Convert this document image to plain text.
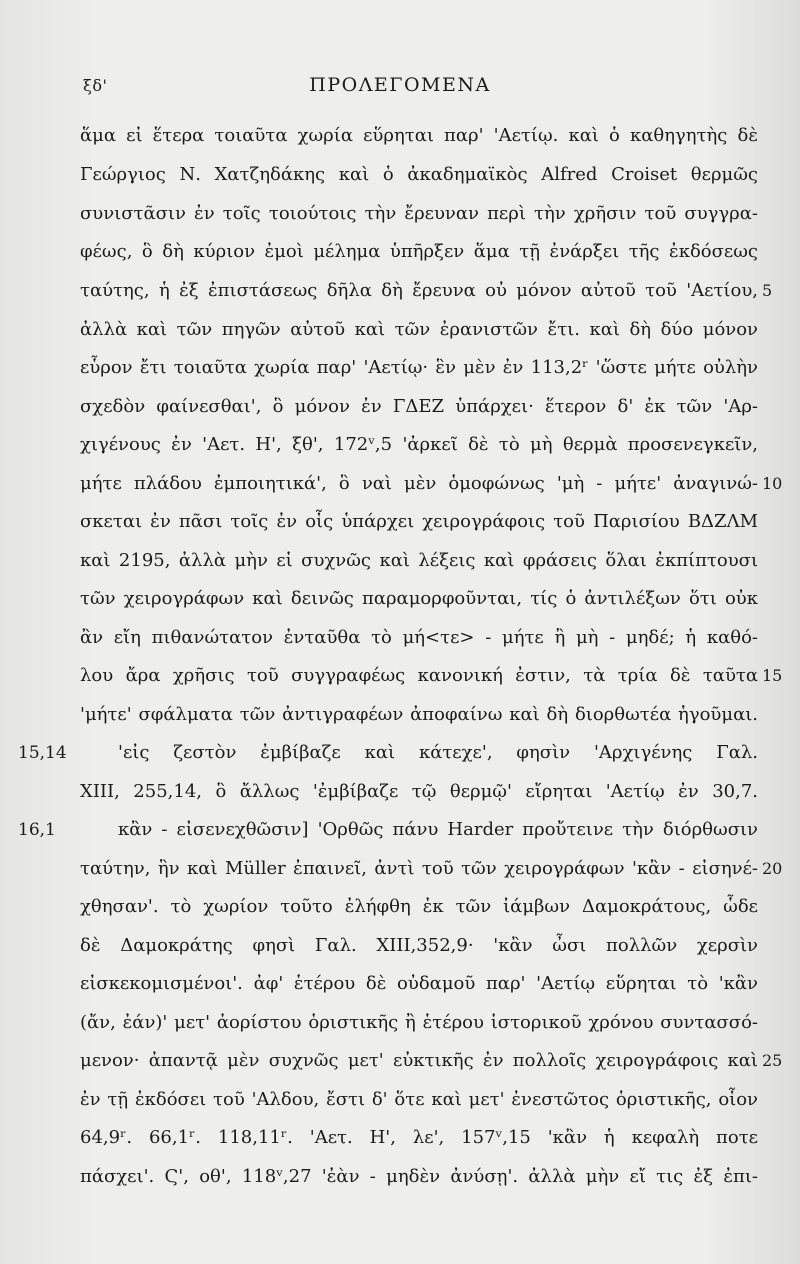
ξδ'	ΠΡΟΛΕΓΟΜΕΝΑ
ἅμα εἰ ἕτερα τοιαῦτα χωρία εὕρηται παρ' 'Αετίῳ. καὶ ὁ καθηγητὴς δὲ
Γεώργιος Ν. Χατζηδάκης καὶ ὁ ἀκαδημαϊκὸς Alfred Croiset θερμῶς
συνιστᾶσιν ἐν τοῖς τοιούτοις τὴν ἔρευναν περὶ τὴν χρῆσιν τοῦ συγγρα-
φέως, ὃ δὴ κύριον ἐμοὶ μέλημα ὑπῆρξεν ἅμα τῇ ἐνάρξει τῆς ἐκδόσεως
ταύτης, ἡ ἐξ ἐπιστάσεως δῆλα δὴ ἔρευνα οὐ μόνον αὐτοῦ τοῦ 'Αετίου,
ἀλλὰ καὶ τῶν πηγῶν αὐτοῦ καὶ τῶν ἐρανιστῶν ἔτι. καὶ δὴ δύο μόνον
εὗρον ἔτι τοιαῦτα χωρία παρ' 'Αετίῳ· ἓν μὲν ἐν 113,2ʳ 'ὥστε μήτε οὐλὴν
σχεδὸν φαίνεσθαι', ὃ μόνον ἐν ΓΔΕΖ ὑπάρχει· ἕτερον δ' ἐκ τῶν 'Αρ-
χιγένους ἐν 'Αετ. Η', ξθ', 172ᵛ,5 'ἀρκεῖ δὲ τὸ μὴ θερμὰ προσενεγκεῖν,
μήτε πλάδου ἐμποιητικά', ὃ ναὶ μὲν ὁμοφώνως 'μὴ - μήτε' ἀναγινώ-
σκεται ἐν πᾶσι τοῖς ἐν οἷς ὑπάρχει χειρογράφοις τοῦ Παρισίου ΒΔΖΛΜ
καὶ 2195, ἀλλὰ μὴν εἰ συχνῶς καὶ λέξεις καὶ φράσεις ὅλαι ἐκπίπτουσι
τῶν χειρογράφων καὶ δεινῶς παραμορφοῦνται, τίς ὁ ἀντιλέξων ὅτι οὐκ
ἂν εἴη πιθανώτατον ἐνταῦθα τὸ μή<τε> - μήτε ἢ μὴ - μηδέ; ἡ καθό-
λου ἄρα χρῆσις τοῦ συγγραφέως κανονική ἐστιν, τὰ τρία δὲ ταῦτα
'μήτε' σφάλματα τῶν ἀντιγραφέων ἀποφαίνω καὶ δὴ διορθωτέα ἡγοῦμαι.
'εἰς ζεστὸν ἐμβίβαζε καὶ κάτεχε', φησὶν 'Αρχιγένης Γαλ.
XIII, 255,14, ὃ ἄλλως 'ἐμβίβαζε τῷ θερμῷ' εἴρηται 'Αετίῳ ἐν 30,7.
κἂν - εἰσενεχθῶσιν] 'Ορθῶς πάνυ Harder προὔτεινε τὴν διόρθωσιν
ταύτην, ἣν καὶ Müller ἐπαινεῖ, ἀντὶ τοῦ τῶν χειρογράφων 'κἂν - εἰσηνέ-
χθησαν'. τὸ χωρίον τοῦτο ἐλήφθη ἐκ τῶν ἰάμβων Δαμοκράτους, ὧδε
δὲ Δαμοκράτης φησὶ Γαλ. XIII,352,9· 'κἂν ὦσι πολλῶν χερσὶν
εἰσκεκομισμένοι'. ἀφ' ἑτέρου δὲ οὐδαμοῦ παρ' 'Αετίῳ εὕρηται τὸ 'κἂν
(ἄν, ἐάν)' μετ' ἀορίστου ὁριστικῆς ἢ ἑτέρου ἱστορικοῦ χρόνου συντασσό-
μενον· ἀπαντᾷ μὲν συχνῶς μετ' εὐκτικῆς ἐν πολλοῖς χειρογράφοις καὶ
ἐν τῇ ἐκδόσει τοῦ 'Αλδου, ἔστι δ' ὅτε καὶ μετ' ἐνεστῶτος ὁριστικῆς, οἷον
64,9ʳ. 66,1ʳ. 118,11ʳ. 'Αετ. Η', λε', 157ᵛ,15 'κἂν ἡ κεφαλὴ ποτε
πάσχει'. Ϛ', οθ', 118ᵛ,27 'ἐὰν - μηδὲν ἀνύσῃ'. ἀλλὰ μὴν εἴ τις ἐξ ἐπι-
15,14
16,1
5
10
15
20
25
